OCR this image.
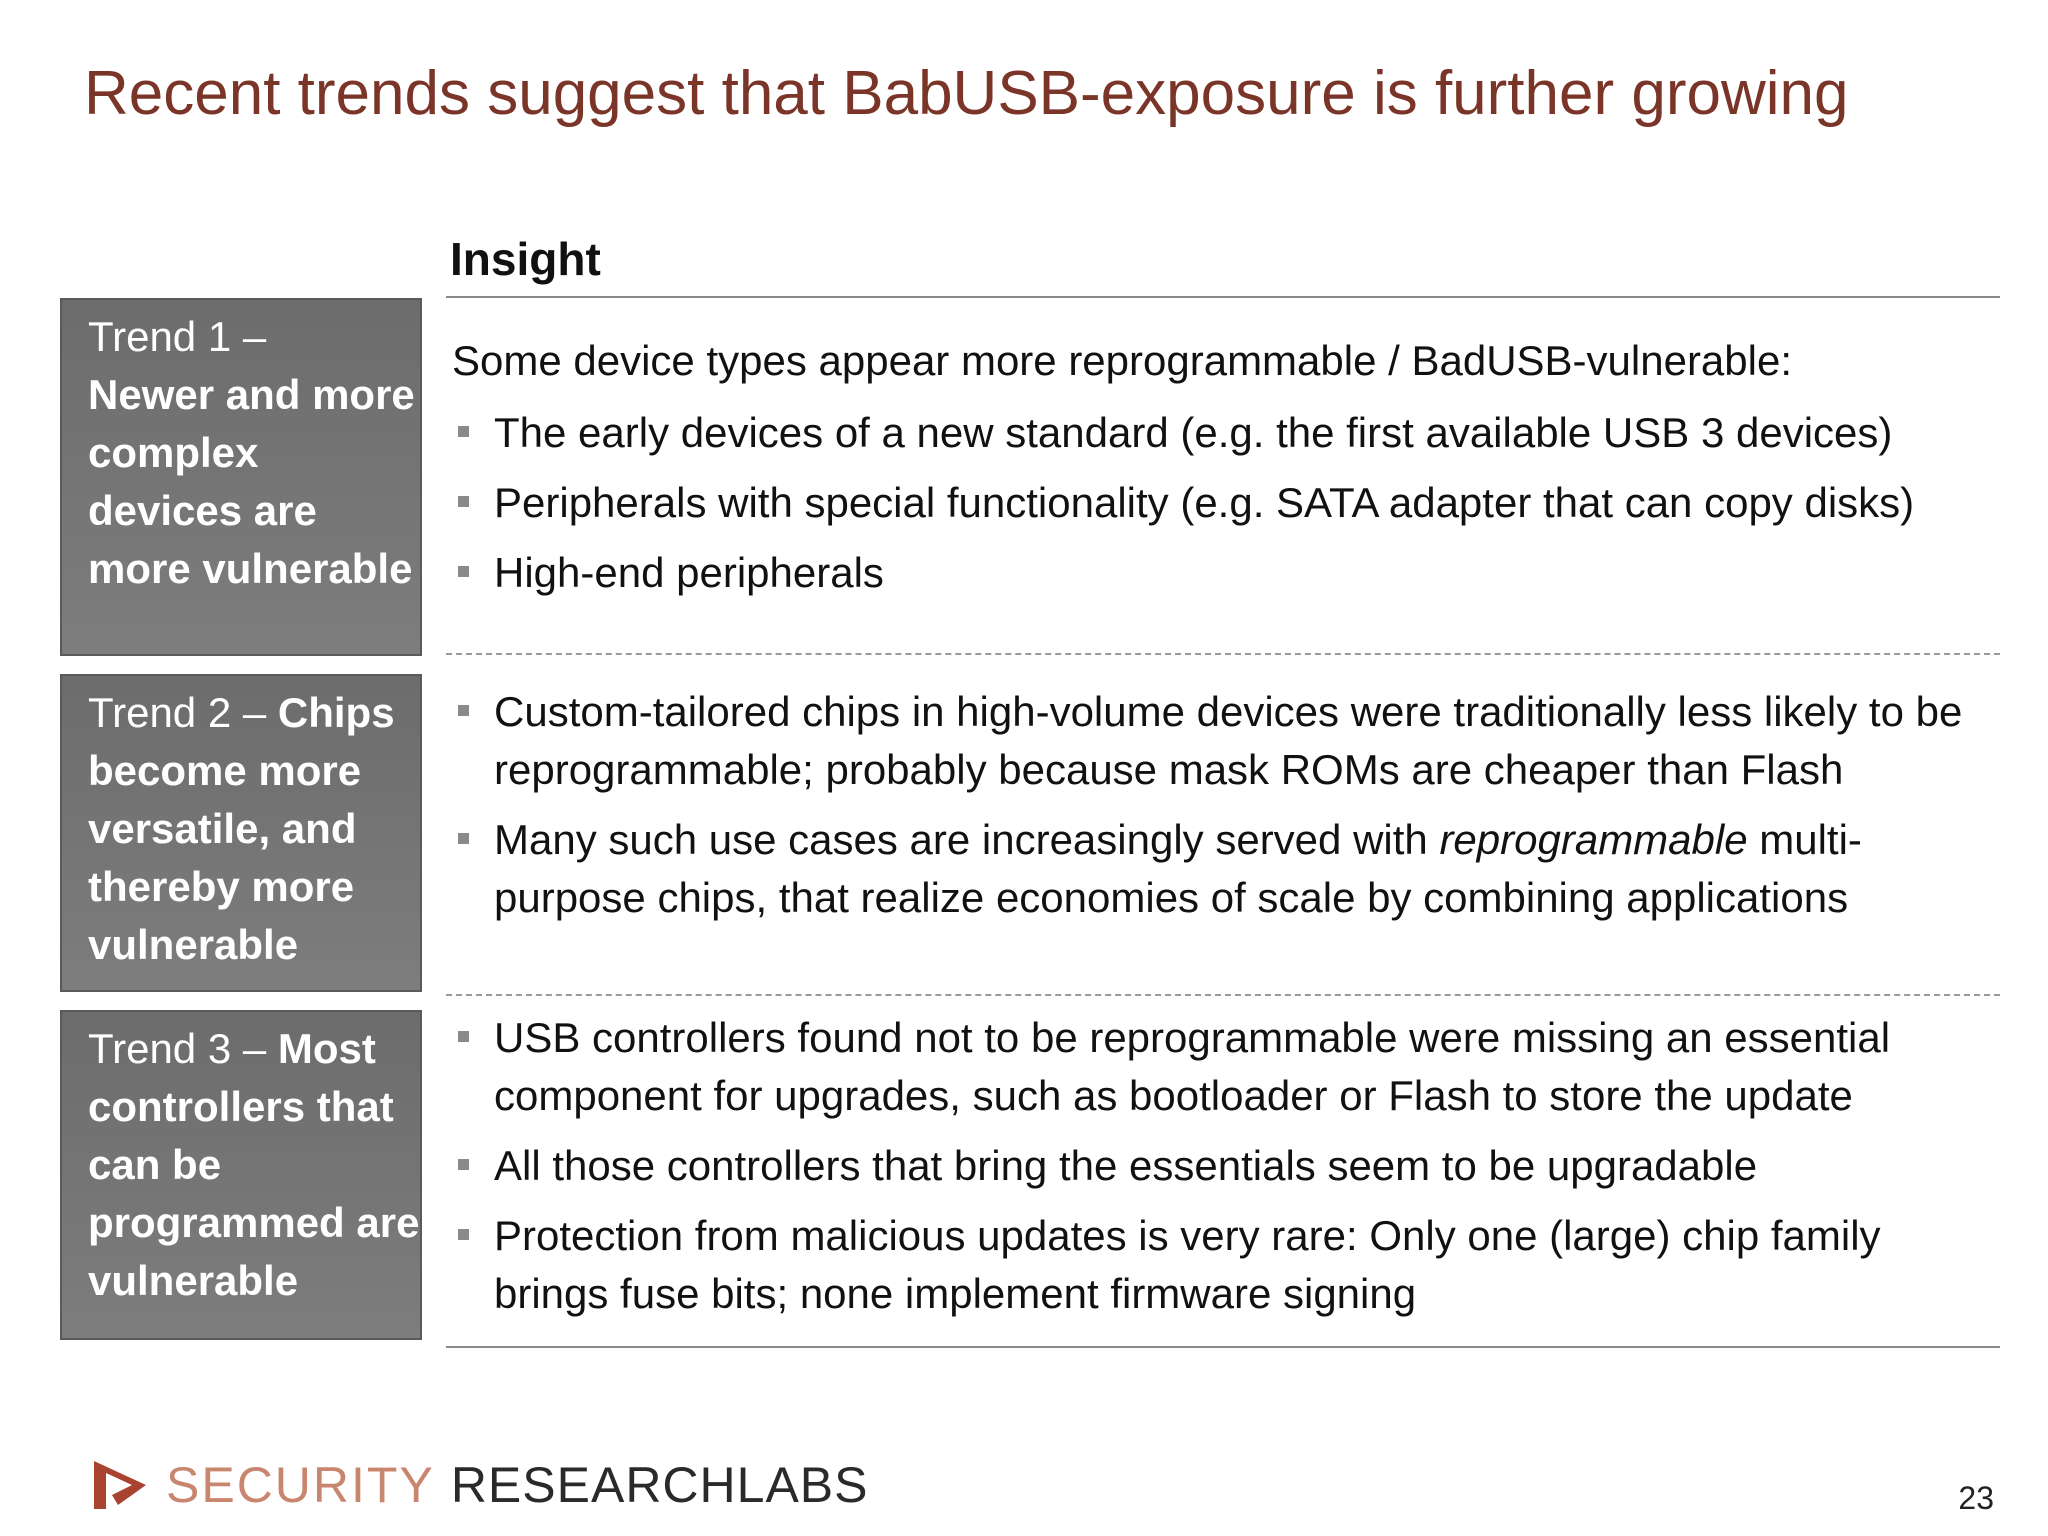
Recent trends suggest that BabUSB-exposure is further growing
Insight
Trend 1 –
Newer and more complex devices are more vulnerable
Trend 2 – Chips become more versatile, and thereby more vulnerable
Trend 3 – Most controllers that can be programmed are vulnerable
Some device types appear more reprogrammable / BadUSB-vulnerable:
The early devices of a new standard (e.g. the first available USB 3 devices)
Peripherals with special functionality (e.g. SATA adapter that can copy disks)
High-end peripherals
Custom-tailored chips in high-volume devices were traditionally less likely to be reprogrammable; probably because mask ROMs are cheaper than Flash
Many such use cases are increasingly served with reprogrammable multi-purpose chips, that realize economies of scale by combining applications
USB controllers found not to be reprogrammable were missing an essential component for upgrades, such as bootloader or Flash to store the update
All those controllers that bring the essentials seem to be upgradable
Protection from malicious updates is very rare: Only one (large) chip family brings fuse bits; none implement firmware signing
SECURITY RESEARCHLABS	23
